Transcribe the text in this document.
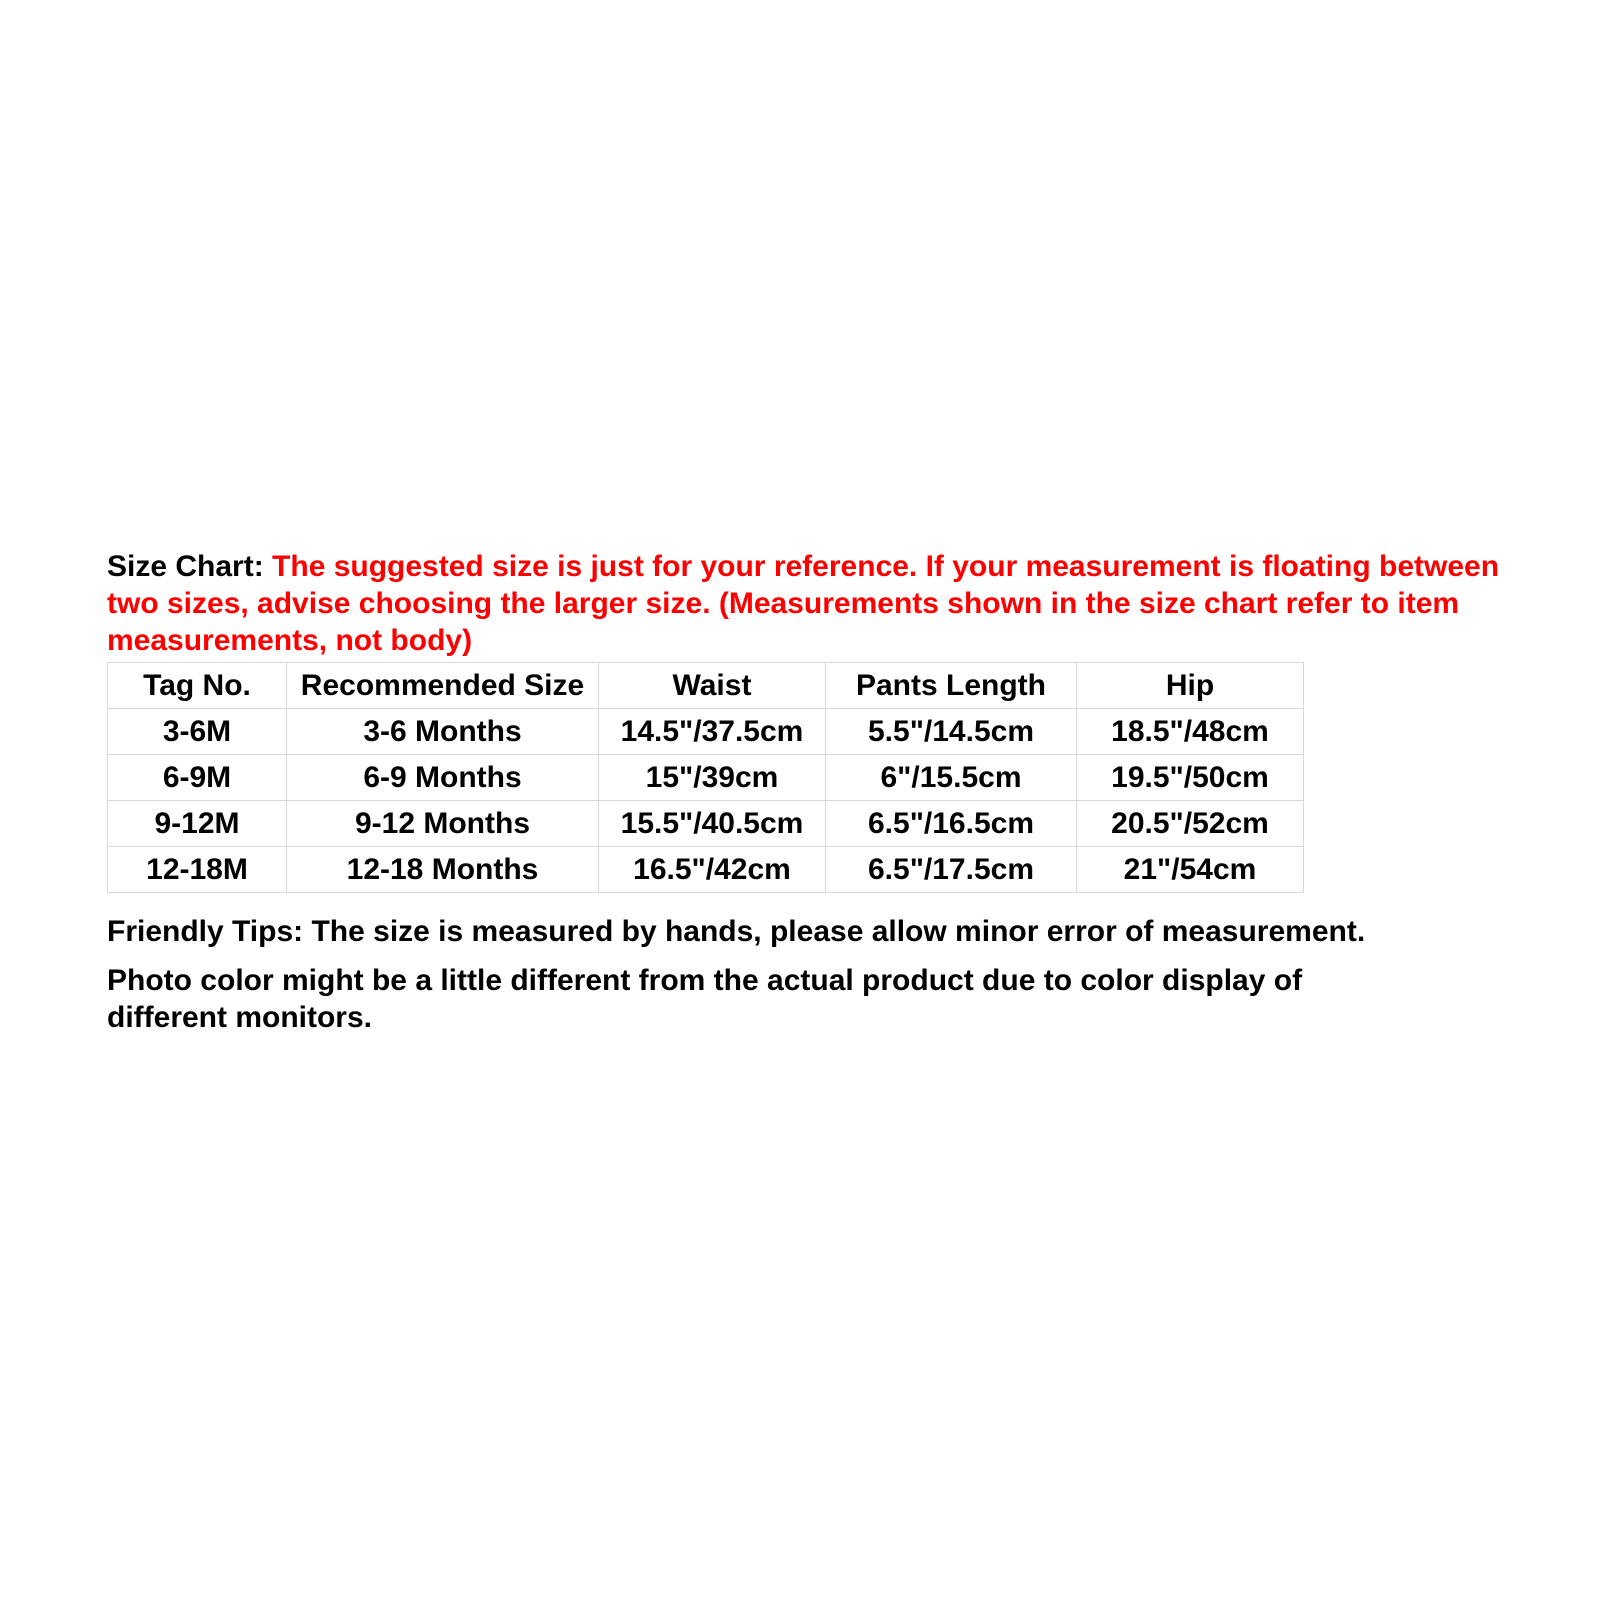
Size Chart: The suggested size is just for your reference. If your measurement is floating between two sizes, advise choosing the larger size. (Measurements shown in the size chart refer to item measurements, not body)

Tag No.	Recommended Size	Waist	Pants Length	Hip
3-6M	3-6 Months	14.5"/37.5cm	5.5"/14.5cm	18.5"/48cm
6-9M	6-9 Months	15"/39cm	6"/15.5cm	19.5"/50cm
9-12M	9-12 Months	15.5"/40.5cm	6.5"/16.5cm	20.5"/52cm
12-18M	12-18 Months	16.5"/42cm	6.5"/17.5cm	21"/54cm

Friendly Tips: The size is measured by hands, please allow minor error of measurement.

Photo color might be a little different from the actual product due to color display of different monitors.
